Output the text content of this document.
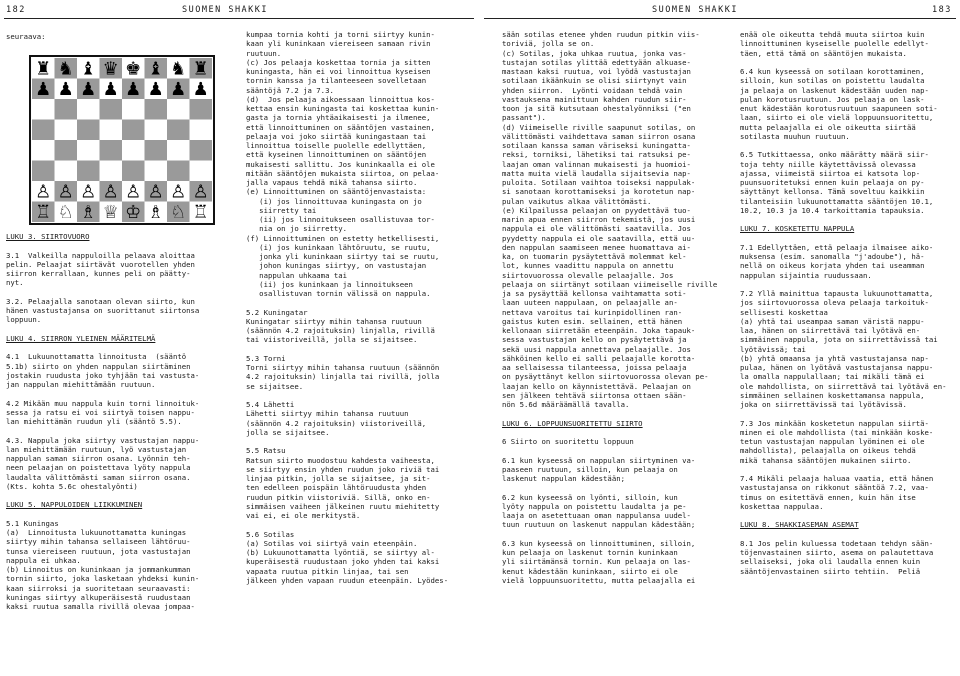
182	SUOMEN SHAKKI
seuraava:
♜ ♞ ♝ ♛ ♚ ♝ ♞ ♜
♟ ♟ ♟ ♟ ♟ ♟ ♟ ♟
♙ ♙ ♙ ♙ ♙ ♙ ♙ ♙
♖ ♘ ♗ ♕ ♔ ♗ ♘ ♖
LUKU 3. SIIRTOVUORO
3.1  Valkeilla nappuloilla pelaava aloittaa
pelin. Pelaajat siirtävät vuorotellen yhden
siirron kerrallaan, kunnes peli on päätty-
nyt.
3.2. Pelaajalla sanotaan olevan siirto, kun
hänen vastustajansa on suorittanut siirtonsa
loppuun.
LUKU 4. SIIRRON YLEINEN MÄÄRITELMÄ
4.1  Lukuunottamatta linnoitusta  (sääntö
5.1b) siirto on yhden nappulan siirtäminen
jostakin ruudusta joko tyhjään tai vastusta-
jan nappulan miehittämään ruutuun.
4.2 Mikään muu nappula kuin torni linnoituk-
sessa ja ratsu ei voi siirtyä toisen nappu-
lan miehittämän ruudun yli (sääntö 5.5).
4.3. Nappula joka siirtyy vastustajan nappu-
lan miehittämään ruutuun, lyö vastustajan
nappulan saman siirron osana. Lyönnin teh-
neen pelaajan on poistettava lyöty nappula
laudalta välittömästi saman siirron osana.
(Kts. kohta 5.6c ohestalyönti)
LUKU 5. NAPPULOIDEN LIIKKUMINEN
5.1 Kuningas
(a)  Linnoitusta lukuunottamatta kuningas
siirtyy mihin tahansa sellaiseen lähtöruu-
tunsa viereiseen ruutuun, jota vastustajan
nappula ei uhkaa.
(b) Linnoitus on kuninkaan ja jommankumman
tornin siirto, joka lasketaan yhdeksi kunin-
kaan siirroksi ja suoritetaan seuraavasti:
kuningas siirtyy alkuperäisestä ruudustaan
kaksi ruutua samalla rivillä olevaa jompaa-
kumpaa tornia kohti ja torni siirtyy kunin-
kaan yli kuninkaan viereiseen samaan rivin
ruutuun.
(c) Jos pelaaja koskettaa tornia ja sitten
kuningasta, hän ei voi linnoittua kyseisen
tornin kanssa ja tilanteeseen sovelletaan
sääntöjä 7.2 ja 7.3.
(d)  Jos pelaaja aikoessaan linnoittua kos-
kettaa ensin kuningasta tai koskettaa kunin-
gasta ja tornia yhtäaikaisesti ja ilmenee,
että linnoittuminen on sääntöjen vastainen,
pelaaja voi joko siirtää kuningastaan tai
linnoittua toiselle puolelle edellyttäen,
että kyseinen linnoittuminen on sääntöjen
mukaisesti sallittu. Jos kuninkaalla ei ole
mitään sääntöjen mukaista siirtoa, on pelaa-
jalla vapaus tehdä mikä tahansa siirto.
(e) Linnoittuminen on sääntöjenvastaista:
(i) jos linnoittuvaa kuningasta on jo
siirretty tai
(ii) jos linnoitukseen osallistuvaa tor-
nia on jo siirretty.
(f) Linnoittuminen on estetty hetkellisesti,
(i) jos kuninkaan lähtöruutu, se ruutu,
jonka yli kuninkaan siirtyy tai se ruutu,
johon kuningas siirtyy, on vastustajan
nappulan uhkaama tai
(ii) jos kuninkaan ja linnoitukseen
osallistuvan tornin välissä on nappula.
5.2 Kuningatar
Kuningatar siirtyy mihin tahansa ruutuun
(säännön 4.2 rajoituksin) linjalla, rivillä
tai viistoriveillä, jolla se sijaitsee.
5.3 Torni
Torni siirtyy mihin tahansa ruutuun (säännön
4.2 rajoituksin) linjalla tai rivillä, jolla
se sijaitsee.
5.4 Lähetti
Lähetti siirtyy mihin tahansa ruutuun
(säännön 4.2 rajoituksin) viistoriveillä,
jolla se sijaitsee.
5.5 Ratsu
Ratsun siirto muodostuu kahdesta vaiheesta,
se siirtyy ensin yhden ruudun joko riviä tai
linjaa pitkin, jolla se sijaitsee, ja sit-
ten edelleen poispäin lähtöruudusta yhden
ruudun pitkin viistoriviä. Sillä, onko en-
simmäisen vaiheen jälkeinen ruutu miehitetty
vai ei, ei ole merkitystä.
5.6 Sotilas
(a) Sotilas voi siirtyä vain eteenpäin.
(b) Lukuunottamatta lyöntiä, se siirtyy al-
kuperäisestä ruudustaan joko yhden tai kaksi
vapaata ruutua pitkin linjaa, tai sen
jälkeen yhden vapaan ruudun eteenpäin. Lyödes-
SUOMEN SHAKKI	183
sään sotilas etenee yhden ruudun pitkin viis-
toriviä, jolla se on.
(c) Sotilas, joka uhkaa ruutua, jonka vas-
tustajan sotilas ylittää edettyään alkuase-
mastaan kaksi ruutua, voi lyödä vastustajan
sotilaan ikäänkuin se olisi siirtynyt vain
yhden siirron.  Lyönti voidaan tehdä vain
vastauksena mainittuun kahden ruudun siir-
toon ja sitä kutsutaan ohestalyönniksi ("en
passant").
(d) Viimeiselle riville saapunut sotilas, on
välittömästi vaihdettava saman siirron osana
sotilaan kanssa saman väriseksi kuningatta-
reksi, torniksi, lähetiksi tai ratsuksi pe-
laajan oman valinnan mukaisesti ja huomioi-
matta muita vielä laudalla sijaitsevia nap-
puloita. Sotilaan vaihtoa toiseksi nappulak-
si sanotaan korottamiseksi ja korotetun nap-
pulan vaikutus alkaa välittömästi.
(e) Kilpailussa pelaajan on pyydettävä tuo-
marin apua ennen siirron tekemistä, jos uusi
nappula ei ole välittömästi saatavilla. Jos
pyydetty nappula ei ole saatavilla, että uu-
den nappulan saamiseen menee huomattava ai-
ka, on tuomarin pysäytettävä molemmat kel-
lot, kunnes vaadittu nappula on annettu
siirtovuorossa olevalle pelaajalle. Jos
pelaaja on siirtänyt sotilaan viimeiselle riville
ja sa pysäyttää kellonsa vaihtamatta soti-
laan uuteen nappulaan, on pelaajalle an-
nettava varoitus tai kurinpidollinen ran-
gaistus kuten esim. sellainen, että hänen
kellonaan siirretään eteenpäin. Joka tapauk-
sessa vastustajan kello on pysäytettävä ja
sekä uusi nappula annettava pelaajalle. Jos
sähköinen kello ei salli pelaajalle korotta-
aa sellaisessa tilanteessa, joissa pelaaja
on pysäyttänyt kellon siirtovuorossa olevan pe-
laajan kello on käynnistettävä. Pelaajan on
sen jälkeen tehtävä siirtonsa ottaen sään-
nön 5.6d määräämällä tavalla.
LUKU 6. LOPPUUNSUORITETTU SIIRTO
6 Siirto on suoritettu loppuun
6.1 kun kyseessä on nappulan siirtyminen va-
paaseen ruutuun, silloin, kun pelaaja on
laskenut nappulan kädestään;
6.2 kun kyseessä on lyönti, silloin, kun
lyöty nappula on poistettu laudalta ja pe-
laaja on asetettuaan oman nappulansa uudel-
tuun ruutuun on laskenut nappulan kädestään;
6.3 kun kyseessä on linnoittuminen, silloin,
kun pelaaja on laskenut tornin kuninkaan
yli siirtämänsä tornin. Kun pelaaja on las-
kenut kädestään kuninkaan, siirto ei ole
vielä loppuunsuoritettu, mutta pelaajalla ei
enää ole oikeutta tehdä muuta siirtoa kuin
linnoittuminen kyseiselle puolelle edellyt-
täen, että tämä on sääntöjen mukaista.
6.4 kun kyseessä on sotilaan korottaminen,
silloin, kun sotilas on poistettu laudalta
ja pelaaja on laskenut kädestään uuden nap-
pulan korotusruutuun. Jos pelaaja on lask-
enut kädestään korotusruutuun saapuneen soti-
laan, siirto ei ole vielä loppuunsuoritettu,
mutta pelaajalla ei ole oikeutta siirtää
sotilasta muuhun ruutuun.
6.5 Tutkittaessa, onko määrätty määrä siir-
toja tehty niille käytettävissä olevassa
ajassa, viimeistä siirtoa ei katsota lop-
puunsuoritetuksi ennen kuin pelaaja on py-
säyttänyt kellonsa. Tämä soveltuu kaikkiin
tilanteisiin lukuunottamatta sääntöjen 10.1,
10.2, 10.3 ja 10.4 tarkoittamia tapauksia.
LUKU 7. KOSKETETTU NAPPULA
7.1 Edellyttäen, että pelaaja ilmaisee aiko-
muksensa (esim. sanomalla "j'adoube"), hä-
nellä on oikeus korjata yhden tai useamman
nappulan sijaintia ruudussaan.
7.2 Yllä mainittua tapausta lukuunottamatta,
jos siirtovuorossa oleva pelaaja tarkoituk-
sellisesti koskettaa
(a) yhtä tai useampaa saman väristä nappu-
laa, hänen on siirrettävä tai lyötävä en-
simmäinen nappula, jota on siirrettävissä tai
lyötävissä; tai
(b) yhtä omaansa ja yhtä vastustajansa nap-
pulaa, hänen on lyötävä vastustajansa nappu-
la omalla nappulallaan; tai mikäli tämä ei
ole mahdollista, on siirrettävä tai lyötävä en-
simmäinen sellainen koskettamansa nappula,
joka on siirrettävissä tai lyötävissä.
7.3 Jos minkään kosketetun nappulan siirtä-
minen ei ole mahdollista (tai minkään koske-
tetun vastustajan nappulan lyöminen ei ole
mahdollista), pelaajalla on oikeus tehdä
mikä tahansa sääntöjen mukainen siirto.
7.4 Mikäli pelaaja haluaa vaatia, että hänen
vastustajansa on rikkonut sääntöä 7.2, vaa-
timus on esitettävä ennen, kuin hän itse
koskettaa nappulaa.
LUKU 8. SHAKKIASEMAN ASEMAT
8.1 Jos pelin kuluessa todetaan tehdyn sään-
töjenvastainen siirto, asema on palautettava
sellaiseksi, joka oli laudalla ennen kuin
sääntöjenvastainen siirto tehtiin.  Peliä
